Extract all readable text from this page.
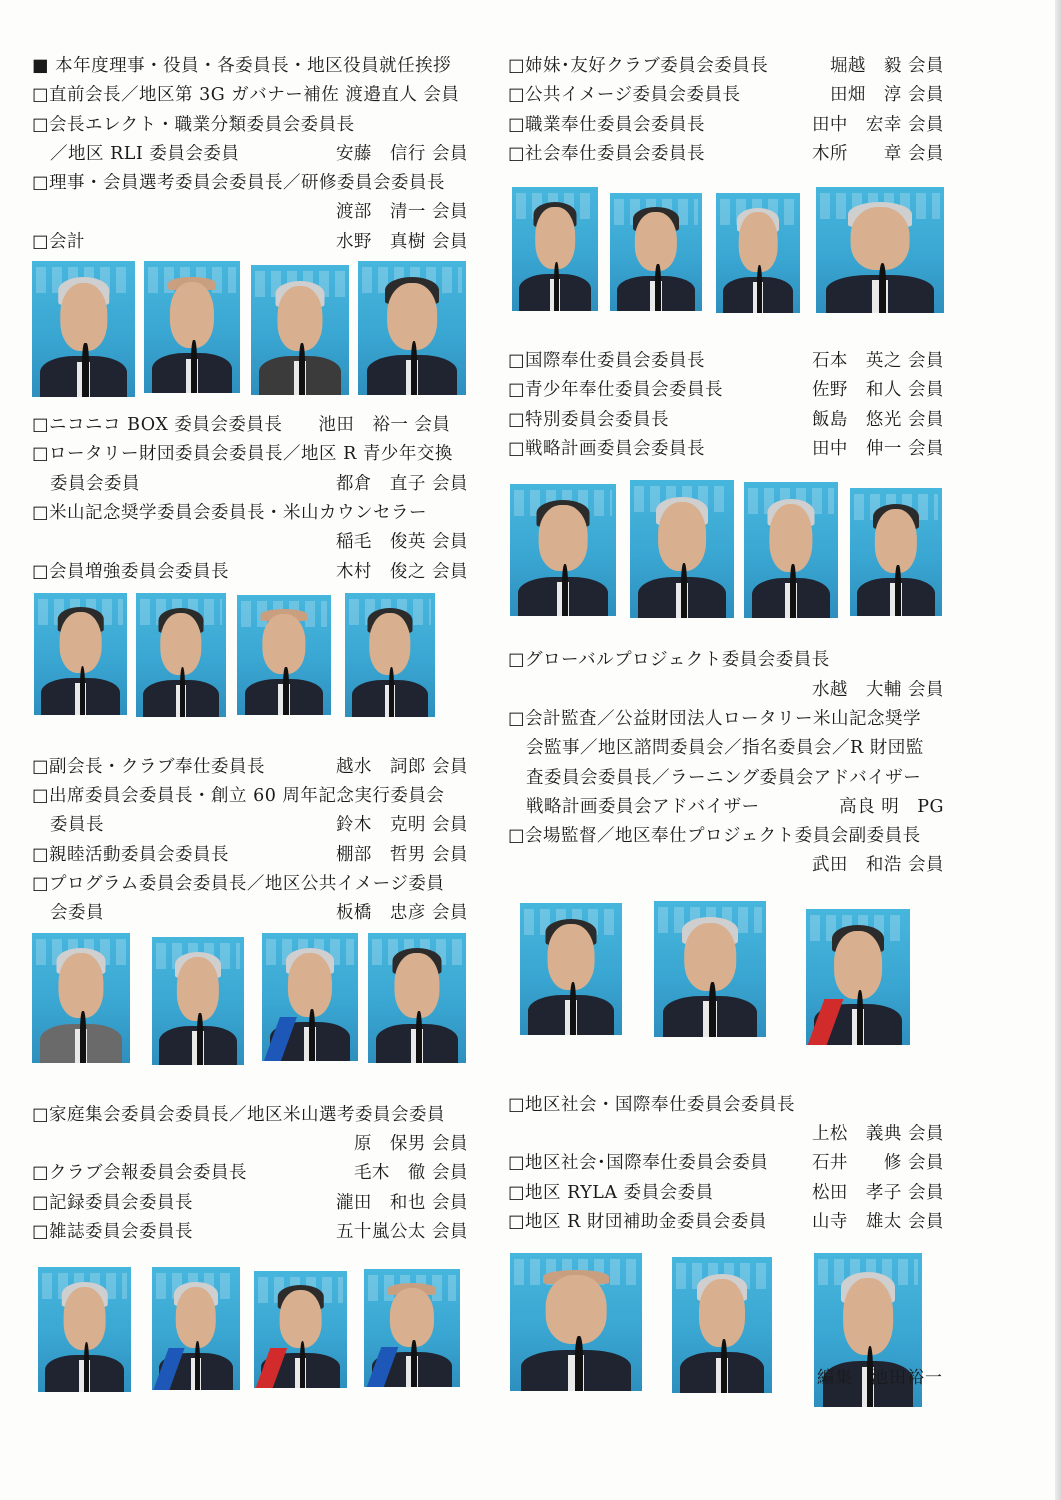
■ 本年度理事・役員・各委員長・地区役員就任挨拶
□直前会長／地区第 3G ガバナー補佐 渡邉直人 会員
□会長エレクト・職業分類委員会委員長
／地区 RLI 委員会委員	安藤　信行 会員
□理事・会員選考委員会委員長／研修委員会委員長
渡部　清一 会員
□会計	水野　真樹 会員
□ニコニコ BOX 委員会委員長　　池田　裕一 会員
□ロータリー財団委員会委員長／地区 R 青少年交換
委員会委員	都倉　直子 会員
□米山記念奨学委員会委員長・米山カウンセラー
稲毛　俊英 会員
□会員増強委員会委員長	木村　俊之 会員
□副会長・クラブ奉仕委員長	越水　詞郎 会員
□出席委員会委員長・創立 60 周年記念実行委員会
委員長	鈴木　克明 会員
□親睦活動委員会委員長	棚部　哲男 会員
□プログラム委員会委員長／地区公共イメージ委員
会委員	板橋　忠彦 会員
□家庭集会委員会委員長／地区米山選考委員会委員
原　保男 会員
□クラブ会報委員会委員長	毛木　徹 会員
□記録委員会委員長	瀧田　和也 会員
□雑誌委員会委員長	五十嵐公太 会員
□姉妹･友好クラブ委員会委員長	堀越　毅 会員
□公共イメージ委員会委員長	田畑　淳 会員
□職業奉仕委員会委員長	田中　宏幸 会員
□社会奉仕委員会委員長	木所　　章 会員
□国際奉仕委員会委員長	石本　英之 会員
□青少年奉仕委員会委員長	佐野　和人 会員
□特別委員会委員長	飯島　悠光 会員
□戦略計画委員会委員長	田中　伸一 会員
□グローバルプロジェクト委員会委員長
水越　大輔 会員
□会計監査／公益財団法人ロータリー米山記念奨学
会監事／地区諮問委員会／指名委員会／R 財団監
査委員会委員長／ラーニング委員会アドバイザー
戦略計画委員会アドバイザー	高良 明　PG
□会場監督／地区奉仕プロジェクト委員会副委員長
武田　和浩 会員
□地区社会・国際奉仕委員会委員長
上松　義典 会員
□地区社会･国際奉仕委員会委員 石井　　修 会員
□地区 RYLA 委員会委員	松田　孝子 会員
□地区 R 財団補助金委員会委員	山寺　雄太 会員
編集　池田裕一
